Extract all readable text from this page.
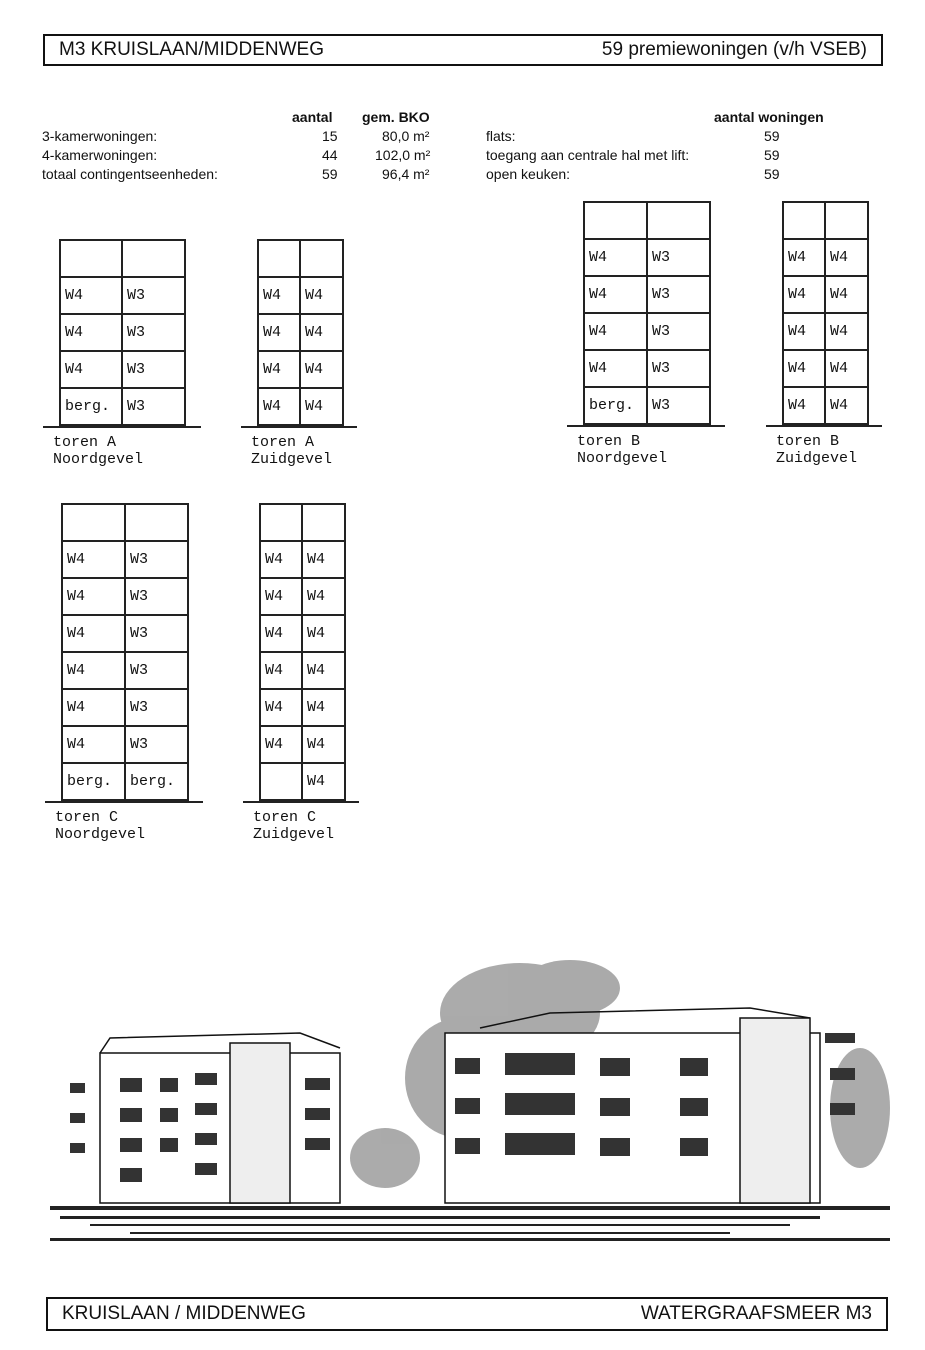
M3 KRUISLAAN/MIDDENWEG	59 premiewoningen (v/h VSEB)
aantal gem. BKO
3-kamerwoningen:	15	80,0 m²
4-kamerwoningen:	44	102,0 m²
totaal contingentseenheden:	59	96,4 m²
aantal woningen
flats:	59
toegang aan centrale hal met lift:	59
open keuken:	59

W4	W3
W4	W3
W4	W3
berg.	W3
toren A
Noordgevel

W4	W4
W4	W4
W4	W4
W4	W4
toren A
Zuidgevel

W4	W3
W4	W3
W4	W3
W4	W3
berg.	W3
toren B
Noordgevel

W4	W4
W4	W4
W4	W4
W4	W4
W4	W4
toren B
Zuidgevel

W4	W3
W4	W3
W4	W3
W4	W3
W4	W3
W4	W3
berg.	berg.
toren C
Noordgevel

W4	W4
W4	W4
W4	W4
W4	W4
W4	W4
W4	W4
	W4
toren C
Zuidgevel
KRUISLAAN / MIDDENWEG	WATERGRAAFSMEER M3
